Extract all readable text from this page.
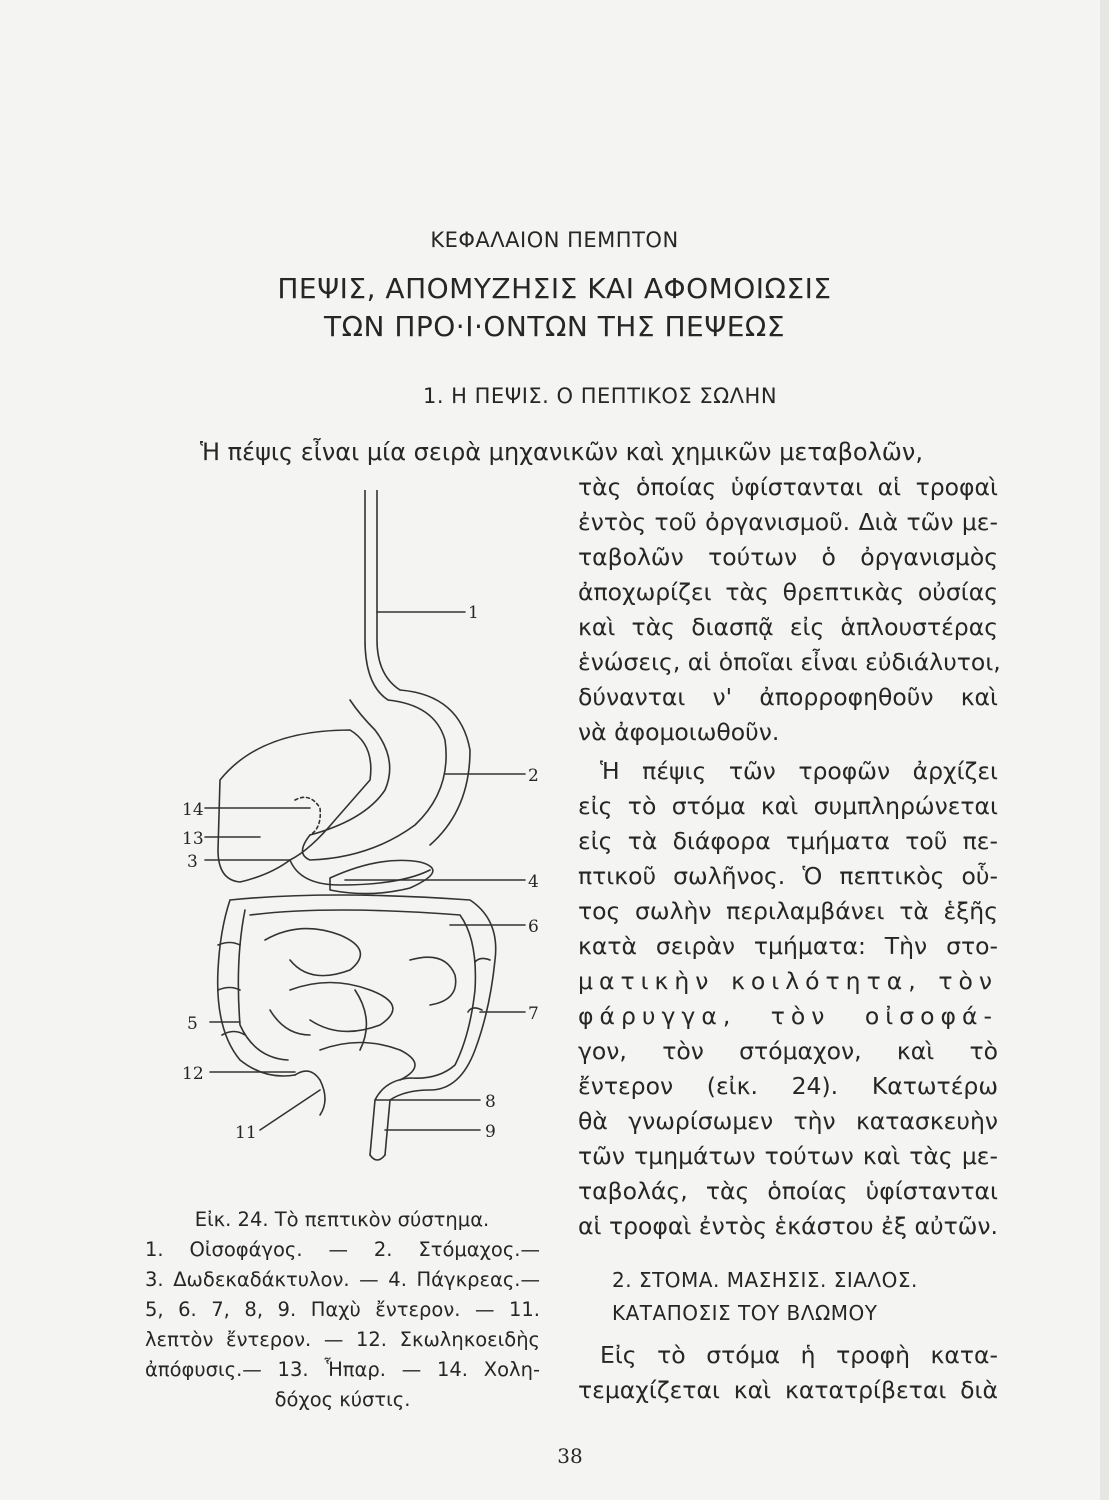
ΚΕΦΑΛΑΙΟΝ ΠΕΜΠΤΟΝ
ΠΕΨΙΣ, ΑΠΟΜΥΖΗΣΙΣ ΚΑΙ ΑΦΟΜΟΙΩΣΙΣ
ΤΩΝ ΠΡΟ·Ι·ΟΝΤΩΝ ΤΗΣ ΠΕΨΕΩΣ
1. Η ΠΕΨΙΣ. Ο ΠΕΠΤΙΚΟΣ ΣΩΛΗΝ
Ἡ πέψις εἶναι μία σειρὰ μηχανικῶν καὶ χημικῶν μεταβολῶν,
τὰς ὁποίας ὑφίστανται αἱ τροφαὶ
ἐντὸς τοῦ ὀργανισμοῦ. Διὰ τῶν με-
ταβολῶν τούτων ὁ ὀργανισμὸς
ἀποχωρίζει τὰς θρεπτικὰς οὐσίας
καὶ τὰς διασπᾷ εἰς ἁπλουστέρας
ἑνώσεις, αἱ ὁποῖαι εἶναι εὐδιάλυτοι,
δύνανται ν' ἀπορροφηθοῦν καὶ
νὰ ἀφομοιωθοῦν.
Ἡ πέψις τῶν τροφῶν ἀρχίζει
εἰς τὸ στόμα καὶ συμπληρώνεται
εἰς τὰ διάφορα τμήματα τοῦ πε-
πτικοῦ σωλῆνος. Ὁ πεπτικὸς οὗ-
τος σωλὴν περιλαμβάνει τὰ ἑξῆς
κατὰ σειρὰν τμήματα: Τὴν στο-
ματικὴν κοιλότητα, τὸν
φάρυγγα, τὸν οἰσοφά-
γον, τὸν στόμαχον, καὶ τὸ
ἔντερον (εἰκ. 24). Κατωτέρω
θὰ γνωρίσωμεν τὴν κατασκευὴν
τῶν τμημάτων τούτων καὶ τὰς με-
ταβολάς, τὰς ὁποίας ὑφίστανται
αἱ τροφαὶ ἐντὸς ἑκάστου ἐξ αὐτῶν.
2. ΣΤΟΜΑ. ΜΑΣΗΣΙΣ. ΣΙΑΛΟΣ.
ΚΑΤΑΠΟΣΙΣ ΤΟΥ ΒΛΩΜΟΥ
Εἰς τὸ στόμα ἡ τροφὴ κατα-
τεμαχίζεται καὶ κατατρίβεται διὰ
1
2
14
13
3
4
6
7
5
12
8
9
11
Εἰκ. 24. Τὸ πεπτικὸν σύστημα.
1. Οἰσοφάγος. — 2. Στόμαχος.—
3. Δωδεκαδάκτυλον. — 4. Πάγκρεας.—
5, 6. 7, 8, 9. Παχὺ ἔντερον. — 11.
λεπτὸν ἔντερον. — 12. Σκωληκοειδὴς
ἀπόφυσις.— 13. Ἧπαρ. — 14. Χολη-
δόχος κύστις.
38
